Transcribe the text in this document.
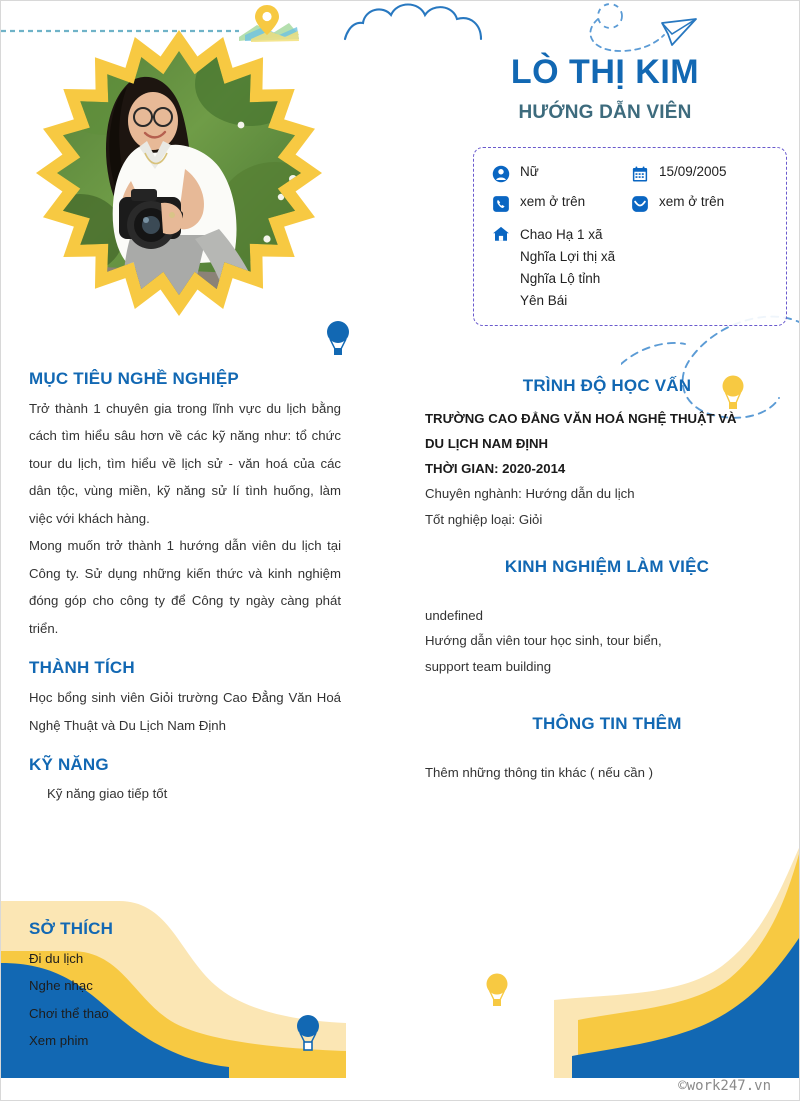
LÒ THỊ KIM
HƯỚNG DẪN VIÊN
Nữ	15/09/2005
xem ở trên	xem ở trên
Chao Hạ 1 xã
Nghĩa Lợi thị xã
Nghĩa Lộ tỉnh
Yên Bái
MỤC TIÊU NGHỀ NGHIỆP

Trở thành 1 chuyên gia trong lĩnh vực du lịch bằng cách tìm hiểu sâu hơn về các kỹ năng như: tổ chức tour du lịch, tìm hiểu về lịch sử - văn hoá của các dân tộc, vùng miền, kỹ năng sử lí tình huống, làm việc với khách hàng.

Mong muốn trở thành 1 hướng dẫn viên du lịch tại Công ty. Sử dụng những kiến thức và kinh nghiệm đóng góp cho công ty để Công ty ngày càng phát triển.

THÀNH TÍCH

Học bổng sinh viên Giỏi trường Cao Đẳng Văn Hoá Nghệ Thuật và Du Lịch Nam Định

KỸ NĂNG
Kỹ năng giao tiếp tốt
SỞ THÍCH
Đi du lịch
Nghe nhạc
Chơi thể thao
Xem phim
TRÌNH ĐỘ HỌC VẤN
TRƯỜNG CAO ĐẲNG VĂN HOÁ NGHỆ THUẬT VÀ
DU LỊCH NAM ĐỊNH
THỜI GIAN: 2020-2014
Chuyên nghành: Hướng dẫn du lịch
Tốt nghiệp loại: Giỏi
KINH NGHIỆM LÀM VIỆC
undefined
Hướng dẫn viên tour học sinh, tour biển,
support team building
THÔNG TIN THÊM
Thêm những thông tin khác ( nếu cần )
©work247.vn
